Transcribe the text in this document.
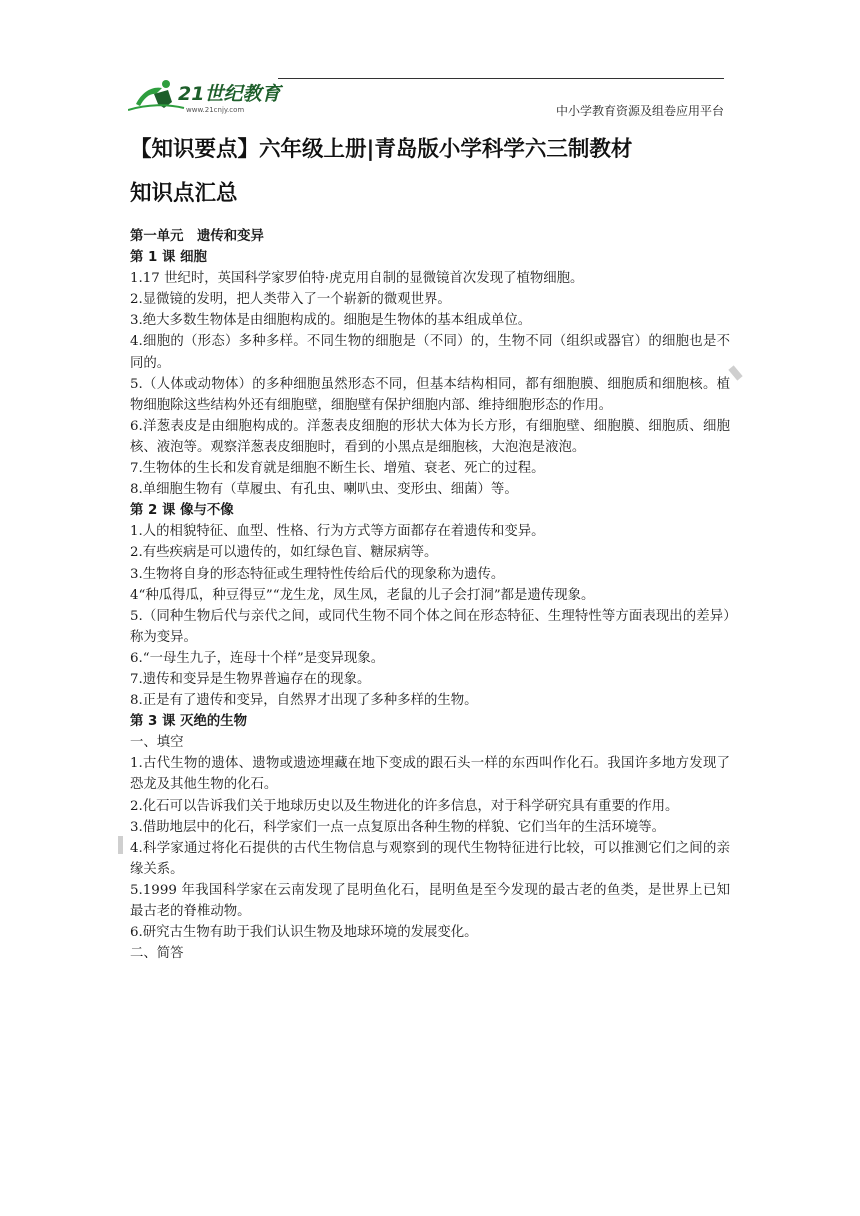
21世纪教育
www.21cnjy.com	中小学教育资源及组卷应用平台
【知识要点】六年级上册|青岛版小学科学六三制教材
知识点汇总

第一单元　遗传和变异

第 1 课 细胞

1.17 世纪时，英国科学家罗伯特·虎克用自制的显微镜首次发现了植物细胞。

2.显微镜的发明，把人类带入了一个崭新的微观世界。

3.绝大多数生物体是由细胞构成的。细胞是生物体的基本组成单位。

4.细胞的（形态）多种多样。不同生物的细胞是（不同）的，生物不同（组织或器官）的细胞也是不同的。

5.（人体或动物体）的多种细胞虽然形态不同，但基本结构相同，都有细胞膜、细胞质和细胞核。植物细胞除这些结构外还有细胞壁，细胞壁有保护细胞内部、维持细胞形态的作用。

6.洋葱表皮是由细胞构成的。洋葱表皮细胞的形状大体为长方形，有细胞壁、细胞膜、细胞质、细胞核、液泡等。观察洋葱表皮细胞时，看到的小黑点是细胞核，大泡泡是液泡。

7.生物体的生长和发育就是细胞不断生长、增殖、衰老、死亡的过程。

8.单细胞生物有（草履虫、有孔虫、喇叭虫、变形虫、细菌）等。

第 2 课 像与不像

1.人的相貌特征、血型、性格、行为方式等方面都存在着遗传和变异。

2.有些疾病是可以遗传的，如红绿色盲、糖尿病等。

3.生物将自身的形态特征或生理特性传给后代的现象称为遗传。

4“种瓜得瓜，种豆得豆”“龙生龙，凤生凤，老鼠的儿子会打洞”都是遗传现象。

5.（同种生物后代与亲代之间，或同代生物不同个体之间在形态特征、生理特性等方面表现出的差异）称为变异。

6.“一母生九子，连母十个样”是变异现象。

7.遗传和变异是生物界普遍存在的现象。

8.正是有了遗传和变异，自然界才出现了多种多样的生物。

第 3 课 灭绝的生物

一、填空

1.古代生物的遗体、遗物或遗迹埋藏在地下变成的跟石头一样的东西叫作化石。我国许多地方发现了恐龙及其他生物的化石。

2.化石可以告诉我们关于地球历史以及生物进化的许多信息，对于科学研究具有重要的作用。

3.借助地层中的化石，科学家们一点一点复原出各种生物的样貌、它们当年的生活环境等。

4.科学家通过将化石提供的古代生物信息与观察到的现代生物特征进行比较，可以推测它们之间的亲缘关系。

5.1999 年我国科学家在云南发现了昆明鱼化石，昆明鱼是至今发现的最古老的鱼类，是世界上已知最古老的脊椎动物。

6.研究古生物有助于我们认识生物及地球环境的发展变化。

二、简答
